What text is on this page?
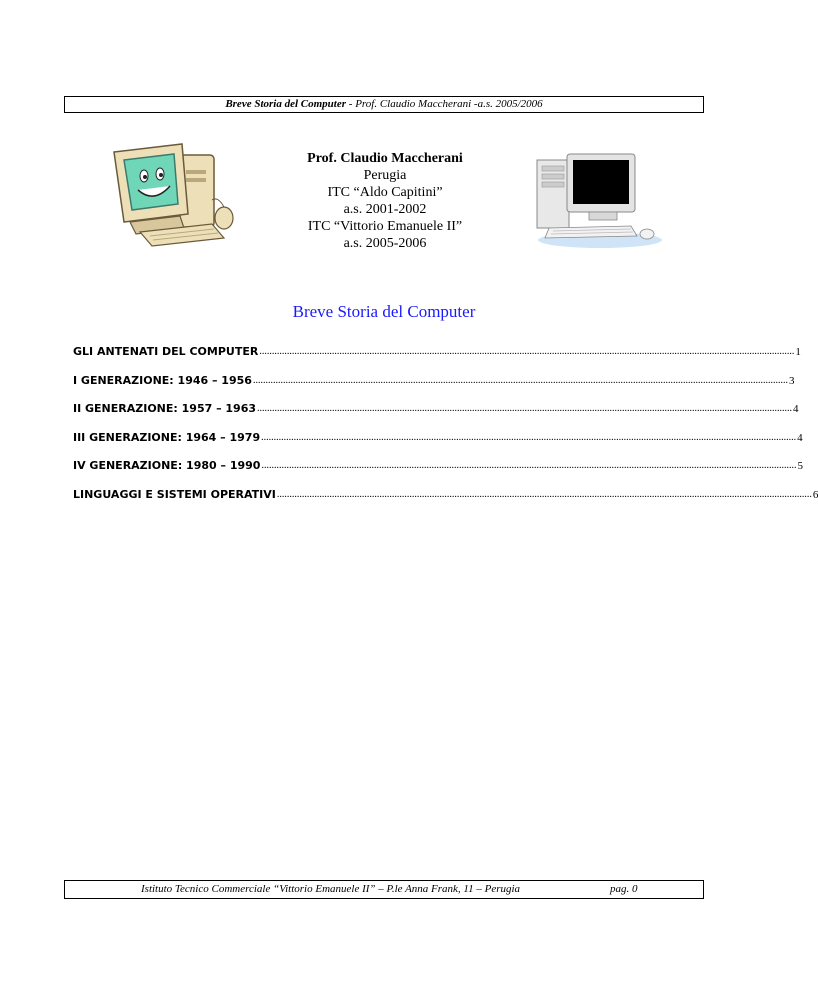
Breve Storia del Computer - Prof. Claudio Maccherani -a.s. 2005/2006
Prof. Claudio Maccherani
Perugia
ITC “Aldo Capitini”
a.s. 2001-2002
ITC “Vittorio Emanuele II”
a.s. 2005-2006
Breve Storia del Computer
GLI ANTENATI DEL COMPUTER ...................................................................................................................................................................................................................... 1
I GENERAZIONE: 1946 – 1956 ...................................................................................................................................................................................................................... 3
II GENERAZIONE: 1957 – 1963 ...................................................................................................................................................................................................................... 4
III GENERAZIONE: 1964 – 1979 ...................................................................................................................................................................................................................... 4
IV GENERAZIONE: 1980 – 1990 ...................................................................................................................................................................................................................... 5
LINGUAGGI E SISTEMI OPERATIVI ...................................................................................................................................................................................................................... 6
Istituto Tecnico Commerciale “Vittorio Emanuele II” – P.le Anna Frank, 11 – Perugia	pag. 0
